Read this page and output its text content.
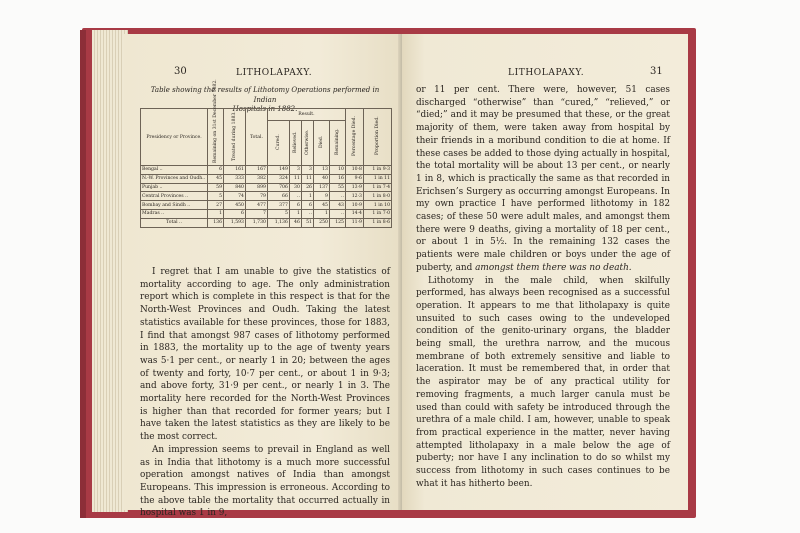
30	LITHOLAPAXY.
Table showing the results of Lithotomy Operations performed in Indian
Hospitals in 1882.
Presidency or Province.	Remaining on 31st December 1882.	Treated during 1883.	Total.	Result.					Percentage Died.	Proportion Died.
				Cured.	Relieved.	Otherwise.	Died.	Remaining.		
Bengal ..	6	161	167	149	3	3	13	10	10·8	1 in 9·3
N.-W. Provinces and Oudh..	45	333	382	324	11	11	40	16	9·6	1 in 11
Punjab ..	59	840	899	706	30	26	137	55	13·9	1 in 7·4
Central Provinces ..	5	74	79	66	..	1	9	..	12·3	1 in 8·0
Bombay and Sindh ..	27	450	477	377	6	6	45	43	10·9	1 in 10
Madras ..	1	6	7	5	1	..	1	..	14·4	1 in 7·0
Total ..	136	1,593	1,730	1,136	46	51	250	125	11·9	1 in 8·6

I regret that I am unable to give the statistics of mortality according to age. The only administration report which is complete in this respect is that for the North-West Provinces and Oudh. Taking the latest statistics available for these provinces, those for 1883, I find that amongst 987 cases of lithotomy performed in 1883, the mortality up to the age of twenty years was 5·1 per cent., or nearly 1 in 20; between the ages of twenty and forty, 10·7 per cent., or about 1 in 9·3; and above forty, 31·9 per cent., or nearly 1 in 3. The mortality here recorded for the North-West Provinces is higher than that recorded for former years; but I have taken the latest statistics as they are likely to be the most correct.

An impression seems to prevail in England as well as in India that lithotomy is a much more successful operation amongst natives of India than amongst Europeans. This impression is erroneous. According to the above table the mortality that occurred actually in hospital was 1 in 9,

LITHOLAPAXY.	31

or 11 per cent. There were, however, 51 cases discharged “otherwise” than “cured,” “relieved,” or “died;” and it may be presumed that these, or the great majority of them, were taken away from hospital by their friends in a moribund condition to die at home. If these cases be added to those dying actually in hospital, the total mortality will be about 13 per cent., or nearly 1 in 8, which is practically the same as that recorded in Erichsen’s Surgery as occurring amongst Europeans. In my own practice I have performed lithotomy in 182 cases; of these 50 were adult males, and amongst them there were 9 deaths, giving a mortality of 18 per cent., or about 1 in 5½. In the remaining 132 cases the patients were male children or boys under the age of puberty, and amongst them there was no death.

Lithotomy in the male child, when skilfully performed, has always been recognised as a successful operation. It appears to me that litholapaxy is quite unsuited to such cases owing to the undeveloped condition of the genito-urinary organs, the bladder being small, the urethra narrow, and the mucous membrane of both extremely sensitive and liable to laceration. It must be remembered that, in order that the aspirator may be of any practical utility for removing fragments, a much larger canula must be used than could with safety be introduced through the urethra of a male child. I am, however, unable to speak from practical experience in the matter, never having attempted litholapaxy in a male below the age of puberty; nor have I any inclination to do so whilst my success from lithotomy in such cases continues to be what it has hitherto been.
